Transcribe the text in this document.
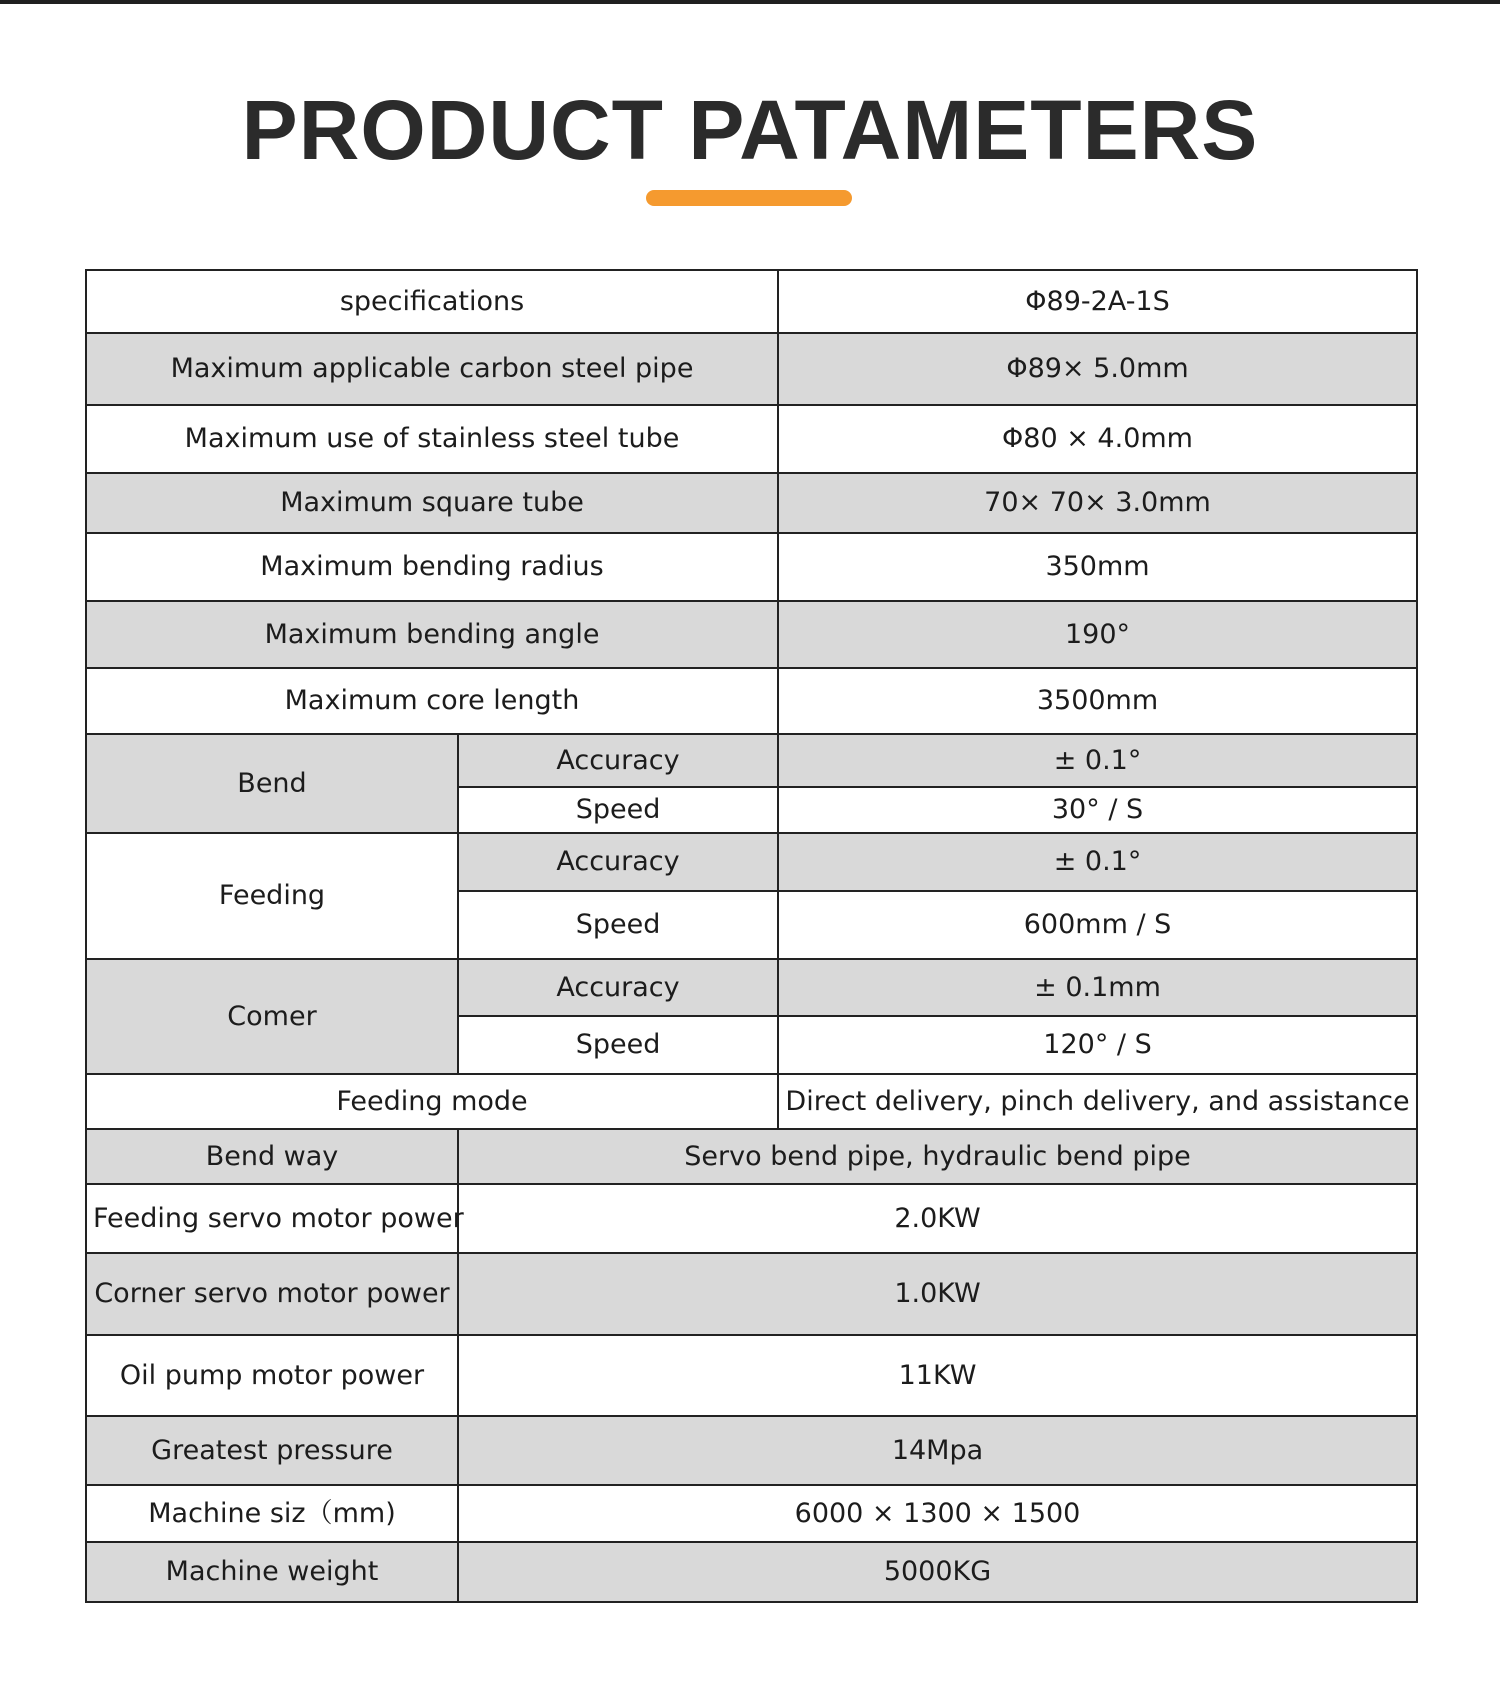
PRODUCT PATAMETERS
specifications		Φ89-2A-1S
Maximum applicable carbon steel pipe		Φ89× 5.0mm
Maximum use of stainless steel tube		Φ80 × 4.0mm
Maximum square tube		70× 70× 3.0mm
Maximum bending radius		350mm
Maximum bending angle		190°
Maximum core length		3500mm
Bend	Accuracy	± 0.1°
	Speed	30° / S
Feeding	Accuracy	± 0.1°
	Speed	600mm / S
Comer	Accuracy	± 0.1mm
	Speed	120° / S
Feeding mode		Direct delivery, pinch delivery, and assistance
Bend way	Servo bend pipe, hydraulic bend pipe	
Feeding servo motor power	2.0KW	
Corner servo motor power	1.0KW	
Oil pump motor power	11KW	
Greatest pressure	14Mpa	
Machine siz（mm)	6000 × 1300 × 1500	
Machine weight	5000KG	
